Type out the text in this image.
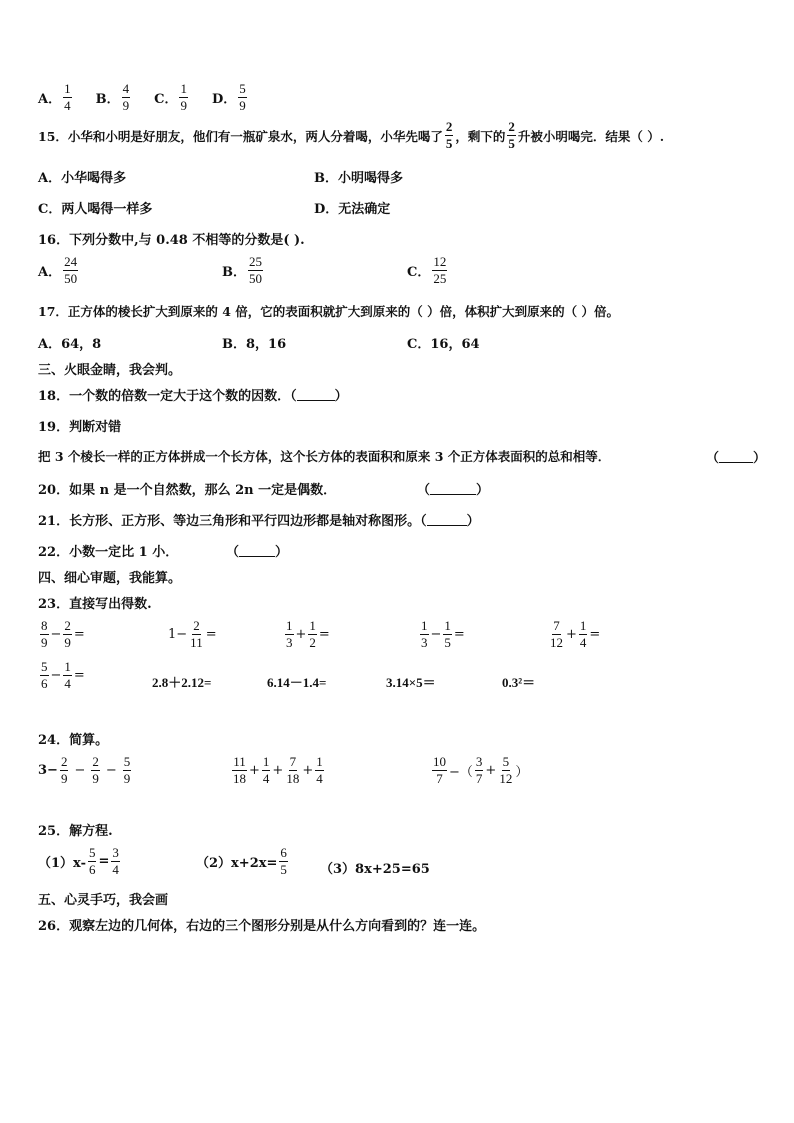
A． $\frac{1}{4}$ B． $\frac{4}{9}$ C． $\frac{1}{9}$ D． $\frac{5}{9}$
15．小华和小明是好朋友，他们有一瓶矿泉水，两人分着喝，小华先喝了 $\frac{2}{5}$ ，剩下的 $\frac{2}{5}$ 升被小明喝完．结果（ ）.
A．小华喝得多	B．小明喝得多
C．两人喝得一样多	D．无法确定
16．下列分数中,与 0.48 不相等的分数是( ).
A． $\frac{24}{50}$	B． $\frac{25}{50}$	C． $\frac{12}{25}$
17．正方体的棱长扩大到原来的 4 倍，它的表面积就扩大到原来的（ ）倍，体积扩大到原来的（ ）倍。
A．64，8	B．8，16	C．16，64
三、火眼金睛，我会判。
18．一个数的倍数一定大于这个数的因数．（	）
19．判断对错
把 3 个棱长一样的正方体拼成一个长方体，这个长方体的表面积和原来 3 个正方体表面积的总和相等．	（	）
20．如果 n 是一个自然数，那么 2n 一定是偶数．	（	）
21．长方形、正方形、等边三角形和平行四边形都是轴对称图形。（	）
22．小数一定比 1 小．	（	）
四、细心审题，我能算。
23．直接写出得数.
$\frac{8}{9} - \frac{2}{9}$ =	$1- \frac{2}{11}$ =	$\frac{1}{3} + \frac{1}{2}$ =	$\frac{1}{3} - \frac{1}{5}$ =	$\frac{7}{12} + \frac{1}{4}$ =
$\frac{5}{6} - \frac{1}{4}$ =	2.8＋2.12=	6.14－1.4=	3.14×5＝	0.3²＝
24．简算。
$3- \frac{2}{9} - \frac{2}{9} - \frac{5}{9}$	$\frac{11}{18} + \frac{1}{4} + \frac{7}{18} + \frac{1}{4}$	$\frac{10}{7}$ −（ $\frac{3}{7} + \frac{5}{12}$ ）
25．解方程.
$(1)x- \frac{5}{6} = \frac{3}{4}$	$(2)x+2x= \frac{6}{5} (3)8x+25=65$
五、心灵手巧，我会画
26．观察左边的几何体，右边的三个图形分别是从什么方向看到的？连一连。
